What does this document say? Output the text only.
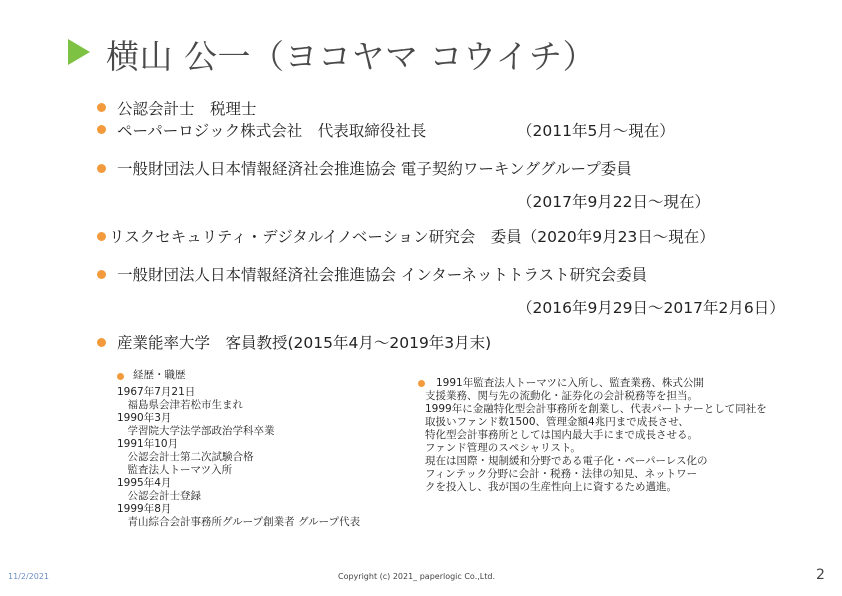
横山 公一（ヨコヤマ コウイチ）
公認会計士　税理士
ペーパーロジック株式会社　代表取締役社長	（2011年5月～現在）
一般財団法人日本情報経済社会推進協会 電子契約ワーキンググループ委員
（2017年9月22日～現在）
リスクセキュリティ・デジタルイノベーション研究会　委員（2020年9月23日～現在）
一般財団法人日本情報経済社会推進協会 インターネットトラスト研究会委員
（2016年9月29日～2017年2月6日）
産業能率大学　客員教授(2015年4月～2019年3月末)
経歴・職歴
1967年7月21日
　福島県会津若松市生まれ
1990年3月
　学習院大学法学部政治学科卒業
1991年10月
　公認会計士第二次試験合格
　監査法人トーマツ入所
1995年4月
　公認会計士登録
1999年8月
　青山綜合会計事務所グループ創業者 グループ代表
1991年監査法人トーマツに入所し、監査業務、株式公開
支援業務、関与先の流動化・証券化の会計税務等を担当。
1999年に金融特化型会計事務所を創業し、代表パートナーとして同社を
取扱いファンド数1500、管理金額4兆円まで成長させ、
特化型会計事務所としては国内最大手にまで成長させる。
ファンド管理のスペシャリスト。
現在は国際・規制緩和分野である電子化・ペーパーレス化の
フィンテック分野に会計・税務・法律の知見、ネットワー
クを投入し、我が国の生産性向上に資するため邁進。
11/2/2021	Copyright (c) 2021_ paperlogic Co.,Ltd.	2
